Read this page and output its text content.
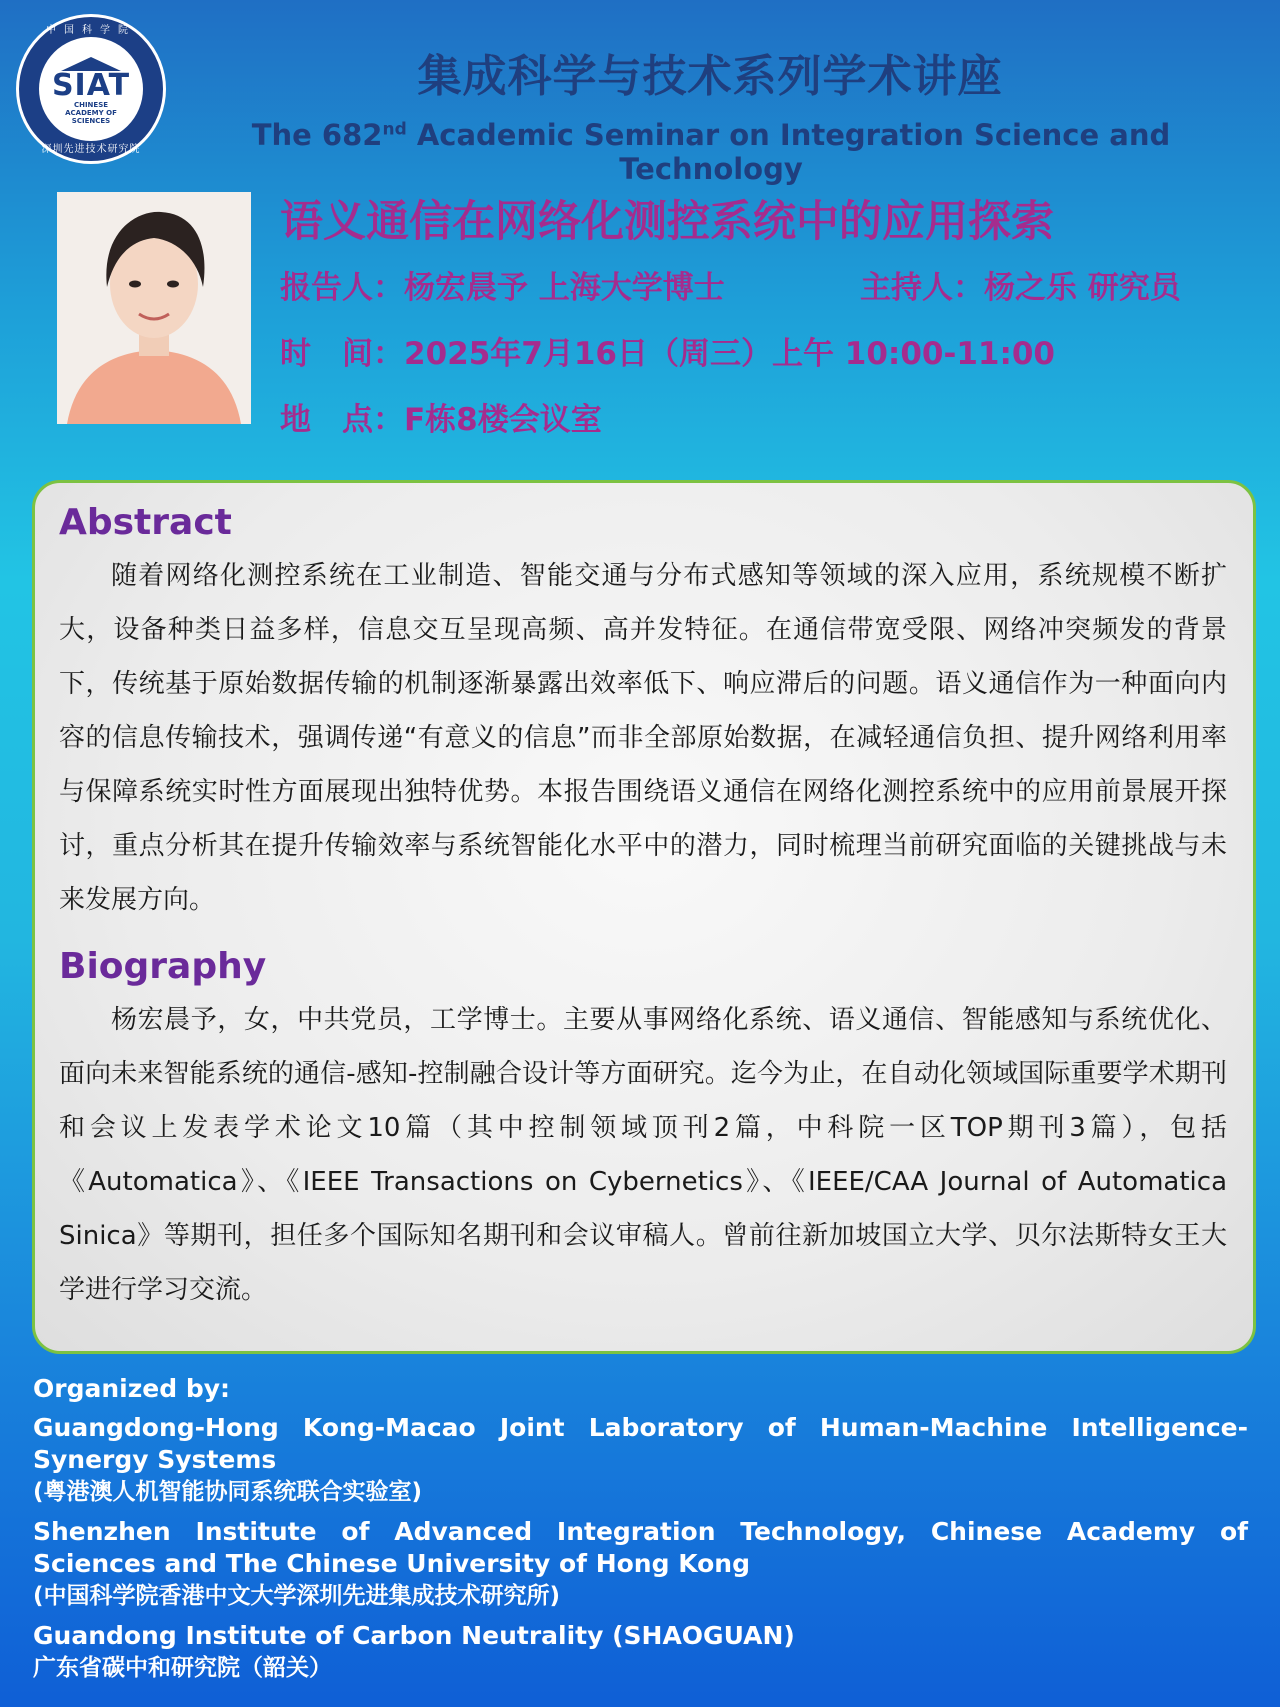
中国科学院
SIAT
CHINESE ACADEMY OF SCIENCES
深圳先进技术研究院
集成科学与技术系列学术讲座
The 682nd Academic Seminar on Integration Science and Technology
语义通信在网络化测控系统中的应用探索
报告人：杨宏晨予 上海大学博士	主持人：杨之乐 研究员
时　间：2025年7月16日（周三）上午 10:00-11:00
地　点：F栋8楼会议室
Abstract

随着网络化测控系统在工业制造、智能交通与分布式感知等领域的深入应用，系统规模不断扩大，设备种类日益多样，信息交互呈现高频、高并发特征。在通信带宽受限、网络冲突频发的背景下，传统基于原始数据传输的机制逐渐暴露出效率低下、响应滞后的问题。语义通信作为一种面向内容的信息传输技术，强调传递“有意义的信息”而非全部原始数据，在减轻通信负担、提升网络利用率与保障系统实时性方面展现出独特优势。本报告围绕语义通信在网络化测控系统中的应用前景展开探讨，重点分析其在提升传输效率与系统智能化水平中的潜力，同时梳理当前研究面临的关键挑战与未来发展方向。

Biography

杨宏晨予，女，中共党员，工学博士。主要从事网络化系统、语义通信、智能感知与系统优化、面向未来智能系统的通信-感知-控制融合设计等方面研究。迄今为止，在自动化领域国际重要学术期刊和会议上发表学术论文10篇（其中控制领域顶刊2篇，中科院一区TOP期刊3篇），包括《Automatica》、《IEEE Transactions on Cybernetics》、《IEEE/CAA Journal of Automatica Sinica》等期刊，担任多个国际知名期刊和会议审稿人。曾前往新加坡国立大学、贝尔法斯特女王大学进行学习交流。

Organized by:
Guangdong-Hong Kong-Macao Joint Laboratory of Human-Machine Intelligence-Synergy Systems
(粤港澳人机智能协同系统联合实验室)
Shenzhen Institute of Advanced Integration Technology, Chinese Academy of Sciences and The Chinese University of Hong Kong
(中国科学院香港中文大学深圳先进集成技术研究所)
Guandong Institute of Carbon Neutrality (SHAOGUAN)
广东省碳中和研究院（韶关）
